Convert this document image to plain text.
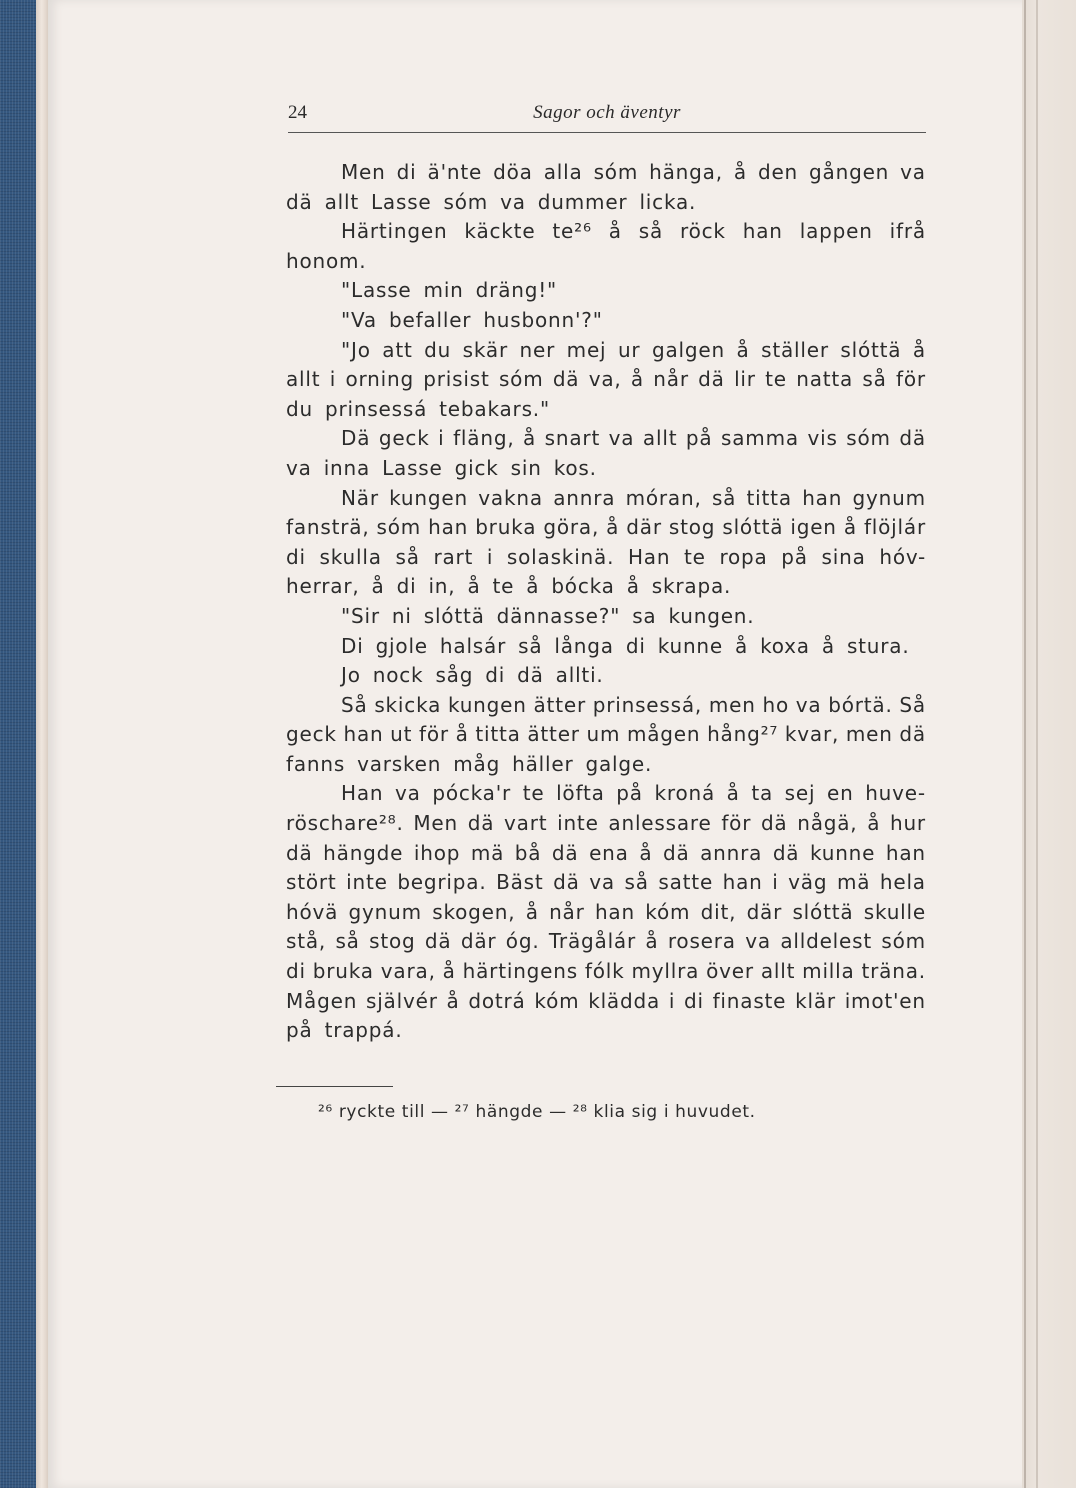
24	Sagor och äventyr
Men di ä'nte döa alla sóm hänga, å den gången va
dä allt Lasse sóm va dummer licka.
Härtingen käckte te²⁶ å så röck han lappen ifrå
honom.
"Lasse min dräng!"
"Va befaller husbonn'?"
"Jo att du skär ner mej ur galgen å ställer slóttä å
allt i orning prisist sóm dä va, å når dä lir te natta så för
du prinsessá tebakars."
Dä geck i fläng, å snart va allt på samma vis sóm dä
va inna Lasse gick sin kos.
När kungen vakna annra móran, så titta han gynum
fansträ, sóm han bruka göra, å där stog slóttä igen å flöjlár
di skulla så rart i solaskinä. Han te ropa på sina hóv-
herrar, å di in, å te å bócka å skrapa.
"Sir ni slóttä dännasse?" sa kungen.
Di gjole halsár så långa di kunne å koxa å stura.
Jo nock såg di dä allti.
Så skicka kungen ätter prinsessá, men ho va bórtä. Så
geck han ut för å titta ätter um mågen hång²⁷ kvar, men dä
fanns varsken måg häller galge.
Han va pócka'r te löfta på kroná å ta sej en huve-
röschare²⁸. Men dä vart inte anlessare för dä någä, å hur
dä hängde ihop mä bå dä ena å dä annra dä kunne han
stört inte begripa. Bäst dä va så satte han i väg mä hela
hóvä gynum skogen, å når han kóm dit, där slóttä skulle
stå, så stog dä där óg. Trägålár å rosera va alldelest sóm
di bruka vara, å härtingens fólk myllra över allt milla träna.
Mågen självér å dotrá kóm klädda i di finaste klär imot'en
på trappá.
²⁶ ryckte till — ²⁷ hängde — ²⁸ klia sig i huvudet.
